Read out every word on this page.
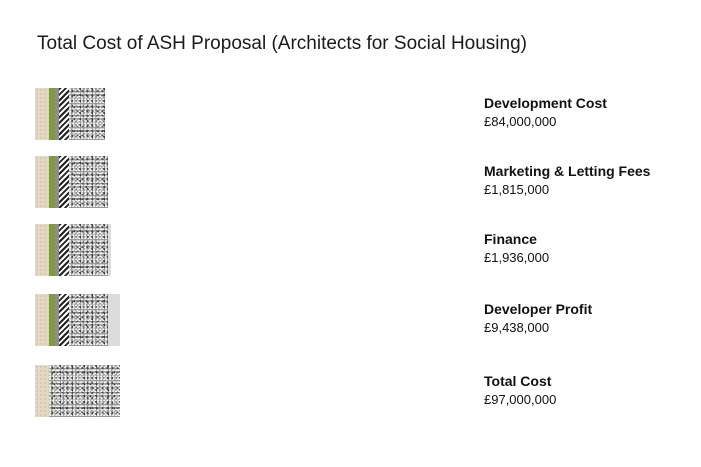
Total Cost of ASH Proposal (Architects for Social Housing)
Development Cost
£84,000,000
Marketing & Letting Fees
£1,815,000
Finance
£1,936,000
Developer Profit
£9,438,000
Total Cost
£97,000,000
